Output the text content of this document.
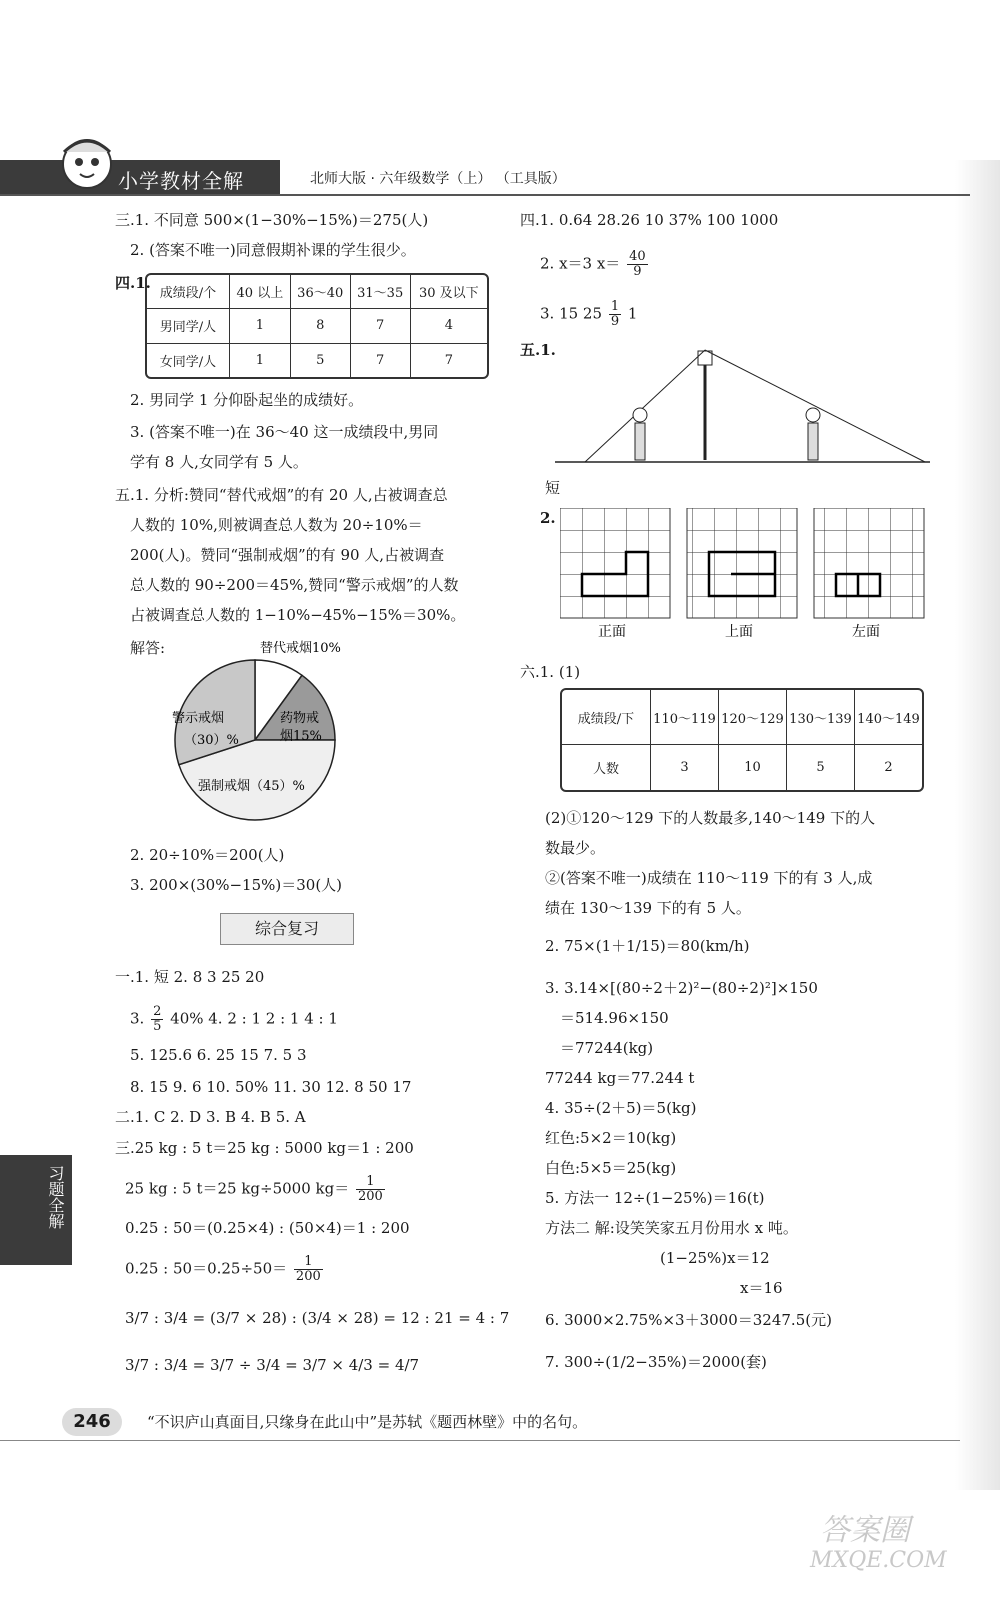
小学教材全解	北师大版 · 六年级数学（上） （工具版）
三.1. 不同意 500×(1−30%−15%)＝275(人)
2. (答案不唯一)同意假期补课的学生很少。
四.1.
成绩段/个	40 以上	36～40	31～35	30 及以下
男同学/人	1	8	7	4
女同学/人	1	5	7	7
2. 男同学 1 分仰卧起坐的成绩好。
3. (答案不唯一)在 36～40 这一成绩段中,男同
学有 8 人,女同学有 5 人。
五.1. 分析:赞同“替代戒烟”的有 20 人,占被调查总
人数的 10%,则被调查总人数为 20÷10%＝
200(人)。赞同“强制戒烟”的有 90 人,占被调查
总人数的 90÷200＝45%,赞同“警示戒烟”的人数
占被调查总人数的 1−10%−45%−15%＝30%。
解答:	替代戒烟10%
警示戒烟
（30）%
药物戒
烟15%
强制戒烟（45）%
2. 20÷10%＝200(人)
3. 200×(30%−15%)＝30(人)
综合复习
一.1. 短 2. 8 3 25 20
3. $\frac{2}{5} 40\%$ 4. 2 : 1 2 : 1 4 : 1
5. 125.6 6. 25 15 7. 5 3
8. 15 9. 6 10. 50% 11. 30 12. 8 50 17
二.1. C 2. D 3. B 4. B 5. A
三.25 kg : 5 t＝25 kg : 5000 kg＝1 : 200
25 kg : 5 t＝25 kg÷5000 $kg= \frac{1}{200}$
0.25 : 50＝(0.25×4) : (50×4)＝1 : 200
0.25 : $50=0.25\div 50= \frac{1}{200}$
3/7 : 3/4 = (3/7 × 28) : (3/4 × 28) = 12 : 21 = 4 : 7
3/7 : 3/4 = 3/7 ÷ 3/4 = 3/7 × 4/3 = 4/7
习题全解
四.1. 0.64 28.26 10 37% 100 1000
2. x＝3 $x= \frac{40}{9}$
3. 15 $25 \frac{1}{9} 1$
五.1.
短
2.
正面	上面	左面
六.1. (1)
成绩段/下	110～119	120～129	130～139	140～149
人数	3	10	5	2
(2)①120～129 下的人数最多,140～149 下的人
数最少。
②(答案不唯一)成绩在 110～119 下的有 3 人,成
绩在 130～139 下的有 5 人。
2. 75×(1＋1/15)＝80(km/h)
3. 3.14×[(80÷2＋2)²−(80÷2)²]×150
＝514.96×150
＝77244(kg)
77244 kg＝77.244 t
4. 35÷(2＋5)＝5(kg)
红色:5×2＝10(kg)
白色:5×5＝25(kg)
5. 方法一 12÷(1−25%)＝16(t)
方法二 解:设笑笑家五月份用水 x 吨。
(1−25%)x＝12
x＝16
6. 3000×2.75%×3＋3000＝3247.5(元)
7. 300÷(1/2−35%)＝2000(套)
答案圈
MXQE.COM
246	“不识庐山真面目,只缘身在此山中”是苏轼《题西林壁》中的名句。
